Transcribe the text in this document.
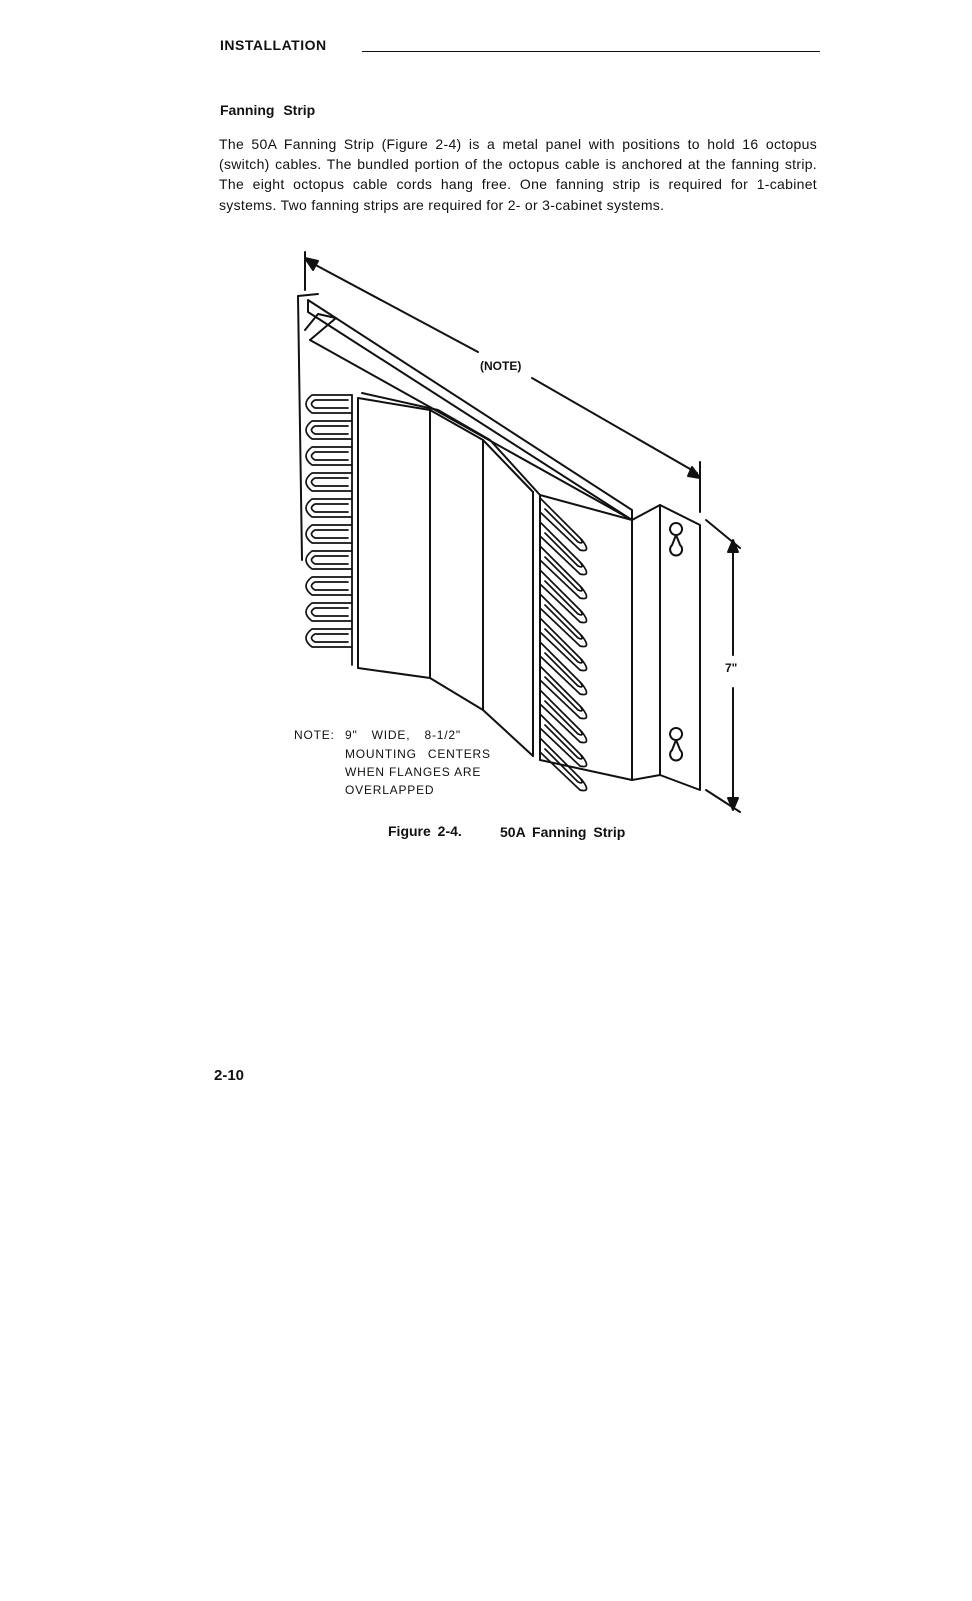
INSTALLATION
Fanning Strip

The 50A Fanning Strip (Figure 2-4) is a metal panel with positions to hold 16 octopus (switch) cables. The bundled portion of the octopus cable is anchored at the fanning strip. The eight octopus cable cords hang free. One fanning strip is required for 1-cabinet systems. Two fanning strips are required for 2- or 3-cabinet systems.

(NOTE)
7"
NOTE: 9" WIDE, 8-1/2"
MOUNTING CENTERS
WHEN FLANGES ARE
OVERLAPPED
Figure 2-4.	50A Fanning Strip
2-10
